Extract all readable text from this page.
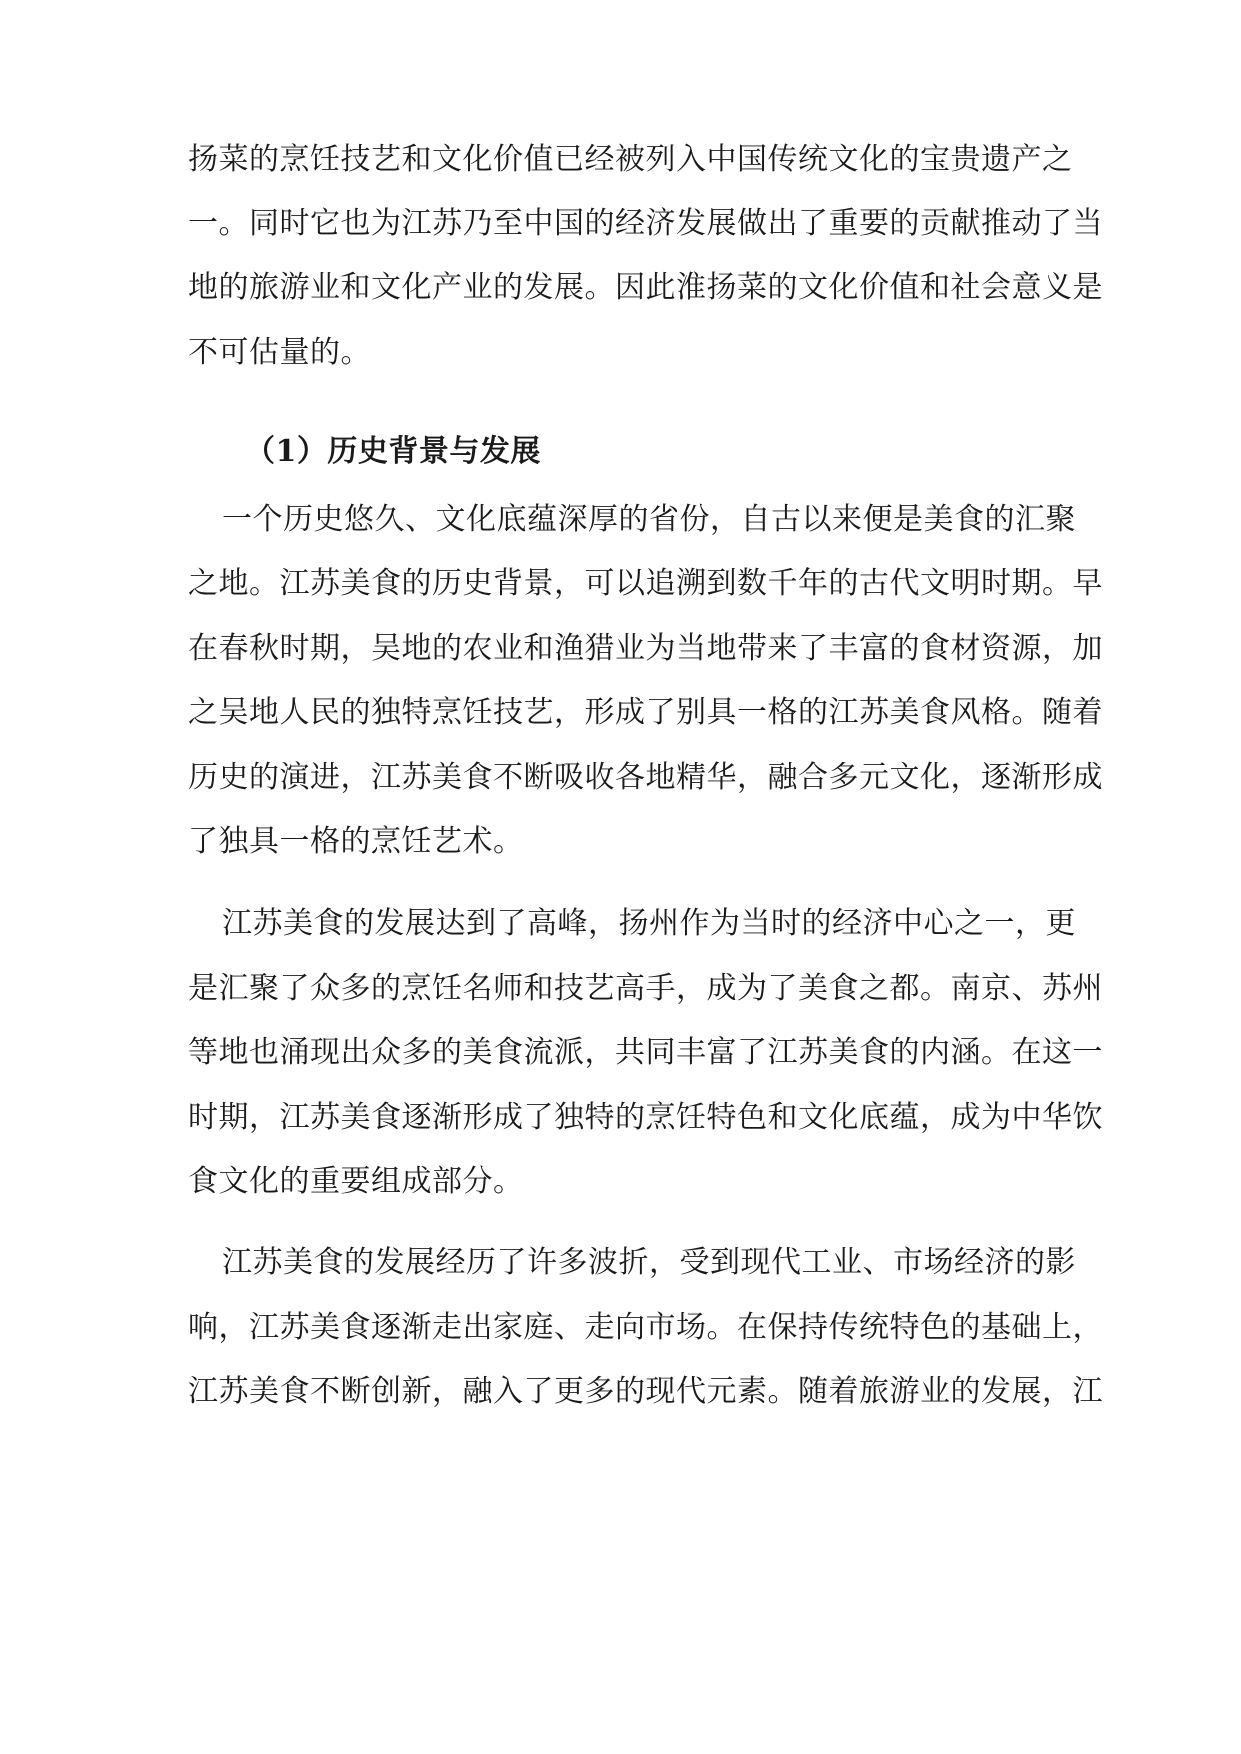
扬菜的烹饪技艺和文化价值已经被列入中国传统文化的宝贵遗产之
一。同时它也为江苏乃至中国的经济发展做出了重要的贡献推动了当
地的旅游业和文化产业的发展。因此淮扬菜的文化价值和社会意义是
不可估量的。
（1）历史背景与发展
一个历史悠久、文化底蕴深厚的省份，自古以来便是美食的汇聚
之地。江苏美食的历史背景，可以追溯到数千年的古代文明时期。早
在春秋时期，吴地的农业和渔猎业为当地带来了丰富的食材资源，加
之吴地人民的独特烹饪技艺，形成了别具一格的江苏美食风格。随着
历史的演进，江苏美食不断吸收各地精华，融合多元文化，逐渐形成
了独具一格的烹饪艺术。
江苏美食的发展达到了高峰，扬州作为当时的经济中心之一，更
是汇聚了众多的烹饪名师和技艺高手，成为了美食之都。南京、苏州
等地也涌现出众多的美食流派，共同丰富了江苏美食的内涵。在这一
时期，江苏美食逐渐形成了独特的烹饪特色和文化底蕴，成为中华饮
食文化的重要组成部分。
江苏美食的发展经历了许多波折，受到现代工业、市场经济的影
响，江苏美食逐渐走出家庭、走向市场。在保持传统特色的基础上，
江苏美食不断创新，融入了更多的现代元素。随着旅游业的发展，江
